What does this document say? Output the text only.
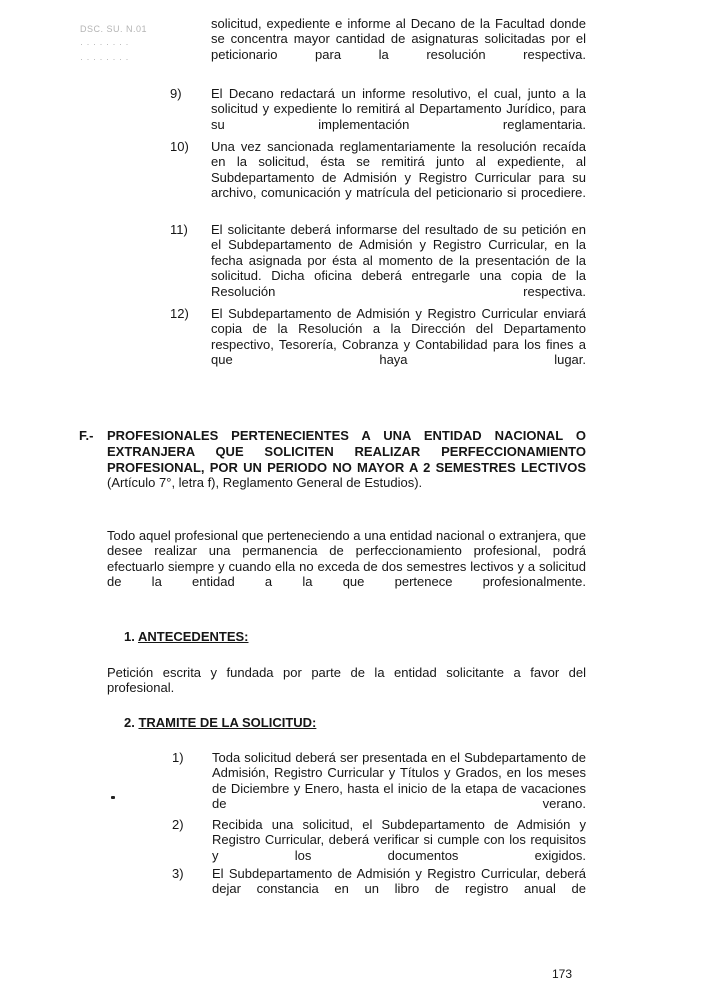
DSC. SU. N.01
· · · · · · · ·
· · · · · · · ·

solicitud, expediente e informe al Decano de la Facultad donde se concentra mayor cantidad de asignaturas solicitadas por el peticionario para la resolución respectiva.

9) El Decano redactará un informe resolutivo, el cual, junto a la solicitud y expediente lo remitirá al Departamento Jurídico, para su implementación reglamentaria.

10) Una vez sancionada reglamentariamente la resolución recaída en la solicitud, ésta se remitirá junto al expediente, al Subdepartamento de Admisión y Registro Curricular para su archivo, comunicación y matrícula del peticionario si procediere.

11) El solicitante deberá informarse del resultado de su petición en el Subdepartamento de Admisión y Registro Curricular, en la fecha asignada por ésta al momento de la presentación de la solicitud. Dicha oficina deberá entregarle una copia de la Resolución respectiva.

12) El Subdepartamento de Admisión y Registro Curricular enviará copia de la Resolución a la Dirección del Departamento respectivo, Tesorería, Cobranza y Contabilidad para los fines a que haya lugar.

F.- PROFESIONALES PERTENECIENTES A UNA ENTIDAD NACIONAL O EXTRANJERA QUE SOLICITEN REALIZAR PERFECCIONAMIENTO PROFESIONAL, POR UN PERIODO NO MAYOR A 2 SEMESTRES LECTIVOS (Artículo 7°, letra f), Reglamento General de Estudios).

Todo aquel profesional que perteneciendo a una entidad nacional o extranjera, que desee realizar una permanencia de perfeccionamiento profesional, podrá efectuarlo siempre y cuando ella no exceda de dos semestres lectivos y a solicitud de la entidad a la que pertenece profesionalmente.

1. ANTECEDENTES:

Petición escrita y fundada por parte de la entidad solicitante a favor del profesional.

2. TRAMITE DE LA SOLICITUD:
1) Toda solicitud deberá ser presentada en el Subdepartamento de Admisión, Registro Curricular y Títulos y Grados, en los meses de Diciembre y Enero, hasta el inicio de la etapa de vacaciones de verano.

2) Recibida una solicitud, el Subdepartamento de Admisión y Registro Curricular, deberá verificar si cumple con los requisitos y los documentos exigidos.

3) El Subdepartamento de Admisión y Registro Curricular, deberá dejar constancia en un libro de registro anual de

173
